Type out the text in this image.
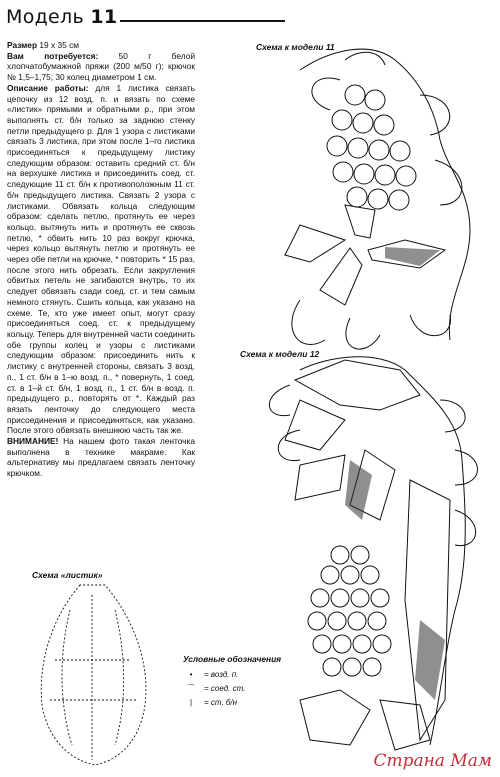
Модель 11

Размер 19 x 35 см

Вам потребуется: 50 г белой хлопчатобумажной пряжи (200 м/50 г); крючок № 1,5–1,75; 30 колец диаметром 1 см.

Описание работы: для 1 листика связать цепочку из 12 возд. п. и вязать по схеме «листик» прямыми и обратными р., при этом выполнять ст. б/н только за заднюю стенку петли предыдущего р. Для 1 узора с листиками связать 3 листика, при этом после 1–го листика присоединяться к предыдущему листику следующим образом: оставить средний ст. б/н на верхушке листика и присоединить соед. ст. следующие 11 ст. б/н к противоположным 11 ст. б/н предыдущего листика. Связать 2 узора с листиками. Обвязать кольца следующим образом: сделать петлю, протянуть ее через кольцо, вытянуть нить и протянуть ее сквозь петлю, * обвить нить 10 раз вокруг крючка, через кольцо вытянуть петлю и протянуть ее через обе петли на крючке, * повторить * 15 раз, после этого нить обрезать. Если закругления обвитых петель не загибаются внутрь, то их следует обвязать сзади соед. ст. и тем самым немного стянуть. Сшить кольца, как указано на схеме. Те, кто уже имеет опыт, могут сразу присоединяться соед. ст. к предыдущему кольцу. Теперь для внутренней части соединить обе группы колец и узоры с листиками следующим образом: присоединить нить к листику с внутренней стороны, связать 3 возд. п., 1 ст. б/н в 1–ю возд. п., * повернуть, 1 соед. ст. в 1–й ст. б/н, 1 возд. п., 1 ст. б/н в возд. п. предыдущего р., повторять от *. Каждый раз вязать ленточку до следующего места присоединения и присоединяться, как указано. После этого обвязать внешнюю часть так же.

ВНИМАНИЕ! На нашем фото такая ленточка выполнена в технике макраме. Как альтернативу мы предлагаем связать ленточку крючком.

Схема к модели 11
Схема к модели 12
Схема «листик»
Условные обозначения
•	= возд. п.
⌒	= соед. ст.
|	= ст. б/н
Страна Мам
